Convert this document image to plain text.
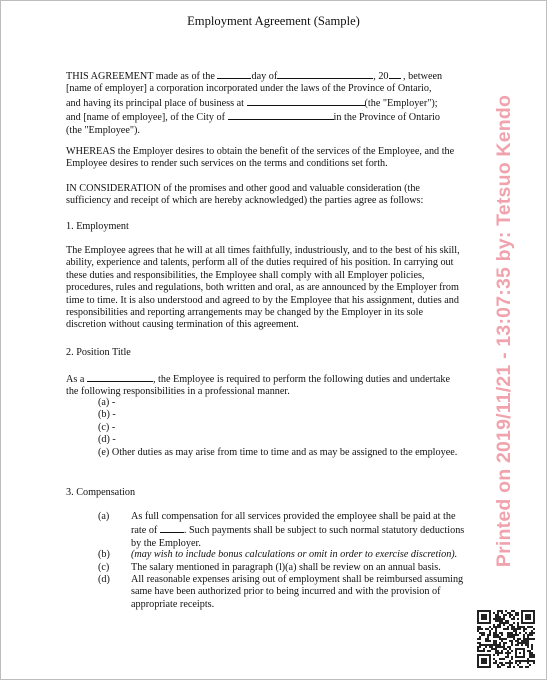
Employment Agreement (Sample)
THIS AGREEMENT made as of the	day of	, 20 , between
[name of employer] a corporation incorporated under the laws of the Province of Ontario,
and having its principal place of business at	(the "Employer");
and [name of employee], of the City of	in the Province of Ontario
(the "Employee").
WHEREAS the Employer desires to obtain the benefit of the services of the Employee, and the
Employee desires to render such services on the terms and conditions set forth.
IN CONSIDERATION of the promises and other good and valuable consideration (the
sufficiency and receipt of which are hereby acknowledged) the parties agree as follows:
1. Employment
The Employee agrees that he will at all times faithfully, industriously, and to the best of his skill,
ability, experience and talents, perform all of the duties required of his position. In carrying out
these duties and responsibilities, the Employee shall comply with all Employer policies,
procedures, rules and regulations, both written and oral, as are announced by the Employer from
time to time. It is also understood and agreed to by the Employee that his assignment, duties and
responsibilities and reporting arrangements may be changed by the Employer in its sole
discretion without causing termination of this agreement.
2. Position Title
As a	, the Employee is required to perform the following duties and undertake
the following responsibilities in a professional manner.
(a) -
(b) -
(c) -
(d) -
(e) Other duties as may arise from time to time and as may be assigned to the employee.
3. Compensation
(a) As full compensation for all services provided the employee shall be paid at the
rate of . Such payments shall be subject to such normal statutory deductions
by the Employer.
(b) (may wish to include bonus calculations or omit in order to exercise discretion).
(c) The salary mentioned in paragraph (l)(a) shall be review on an annual basis.
(d) All reasonable expenses arising out of employment shall be reimbursed assuming
same have been authorized prior to being incurred and with the provision of
appropriate receipts.
Printed on 2019/11/21 - 13:07:35 by: Tetsuo Kendo
